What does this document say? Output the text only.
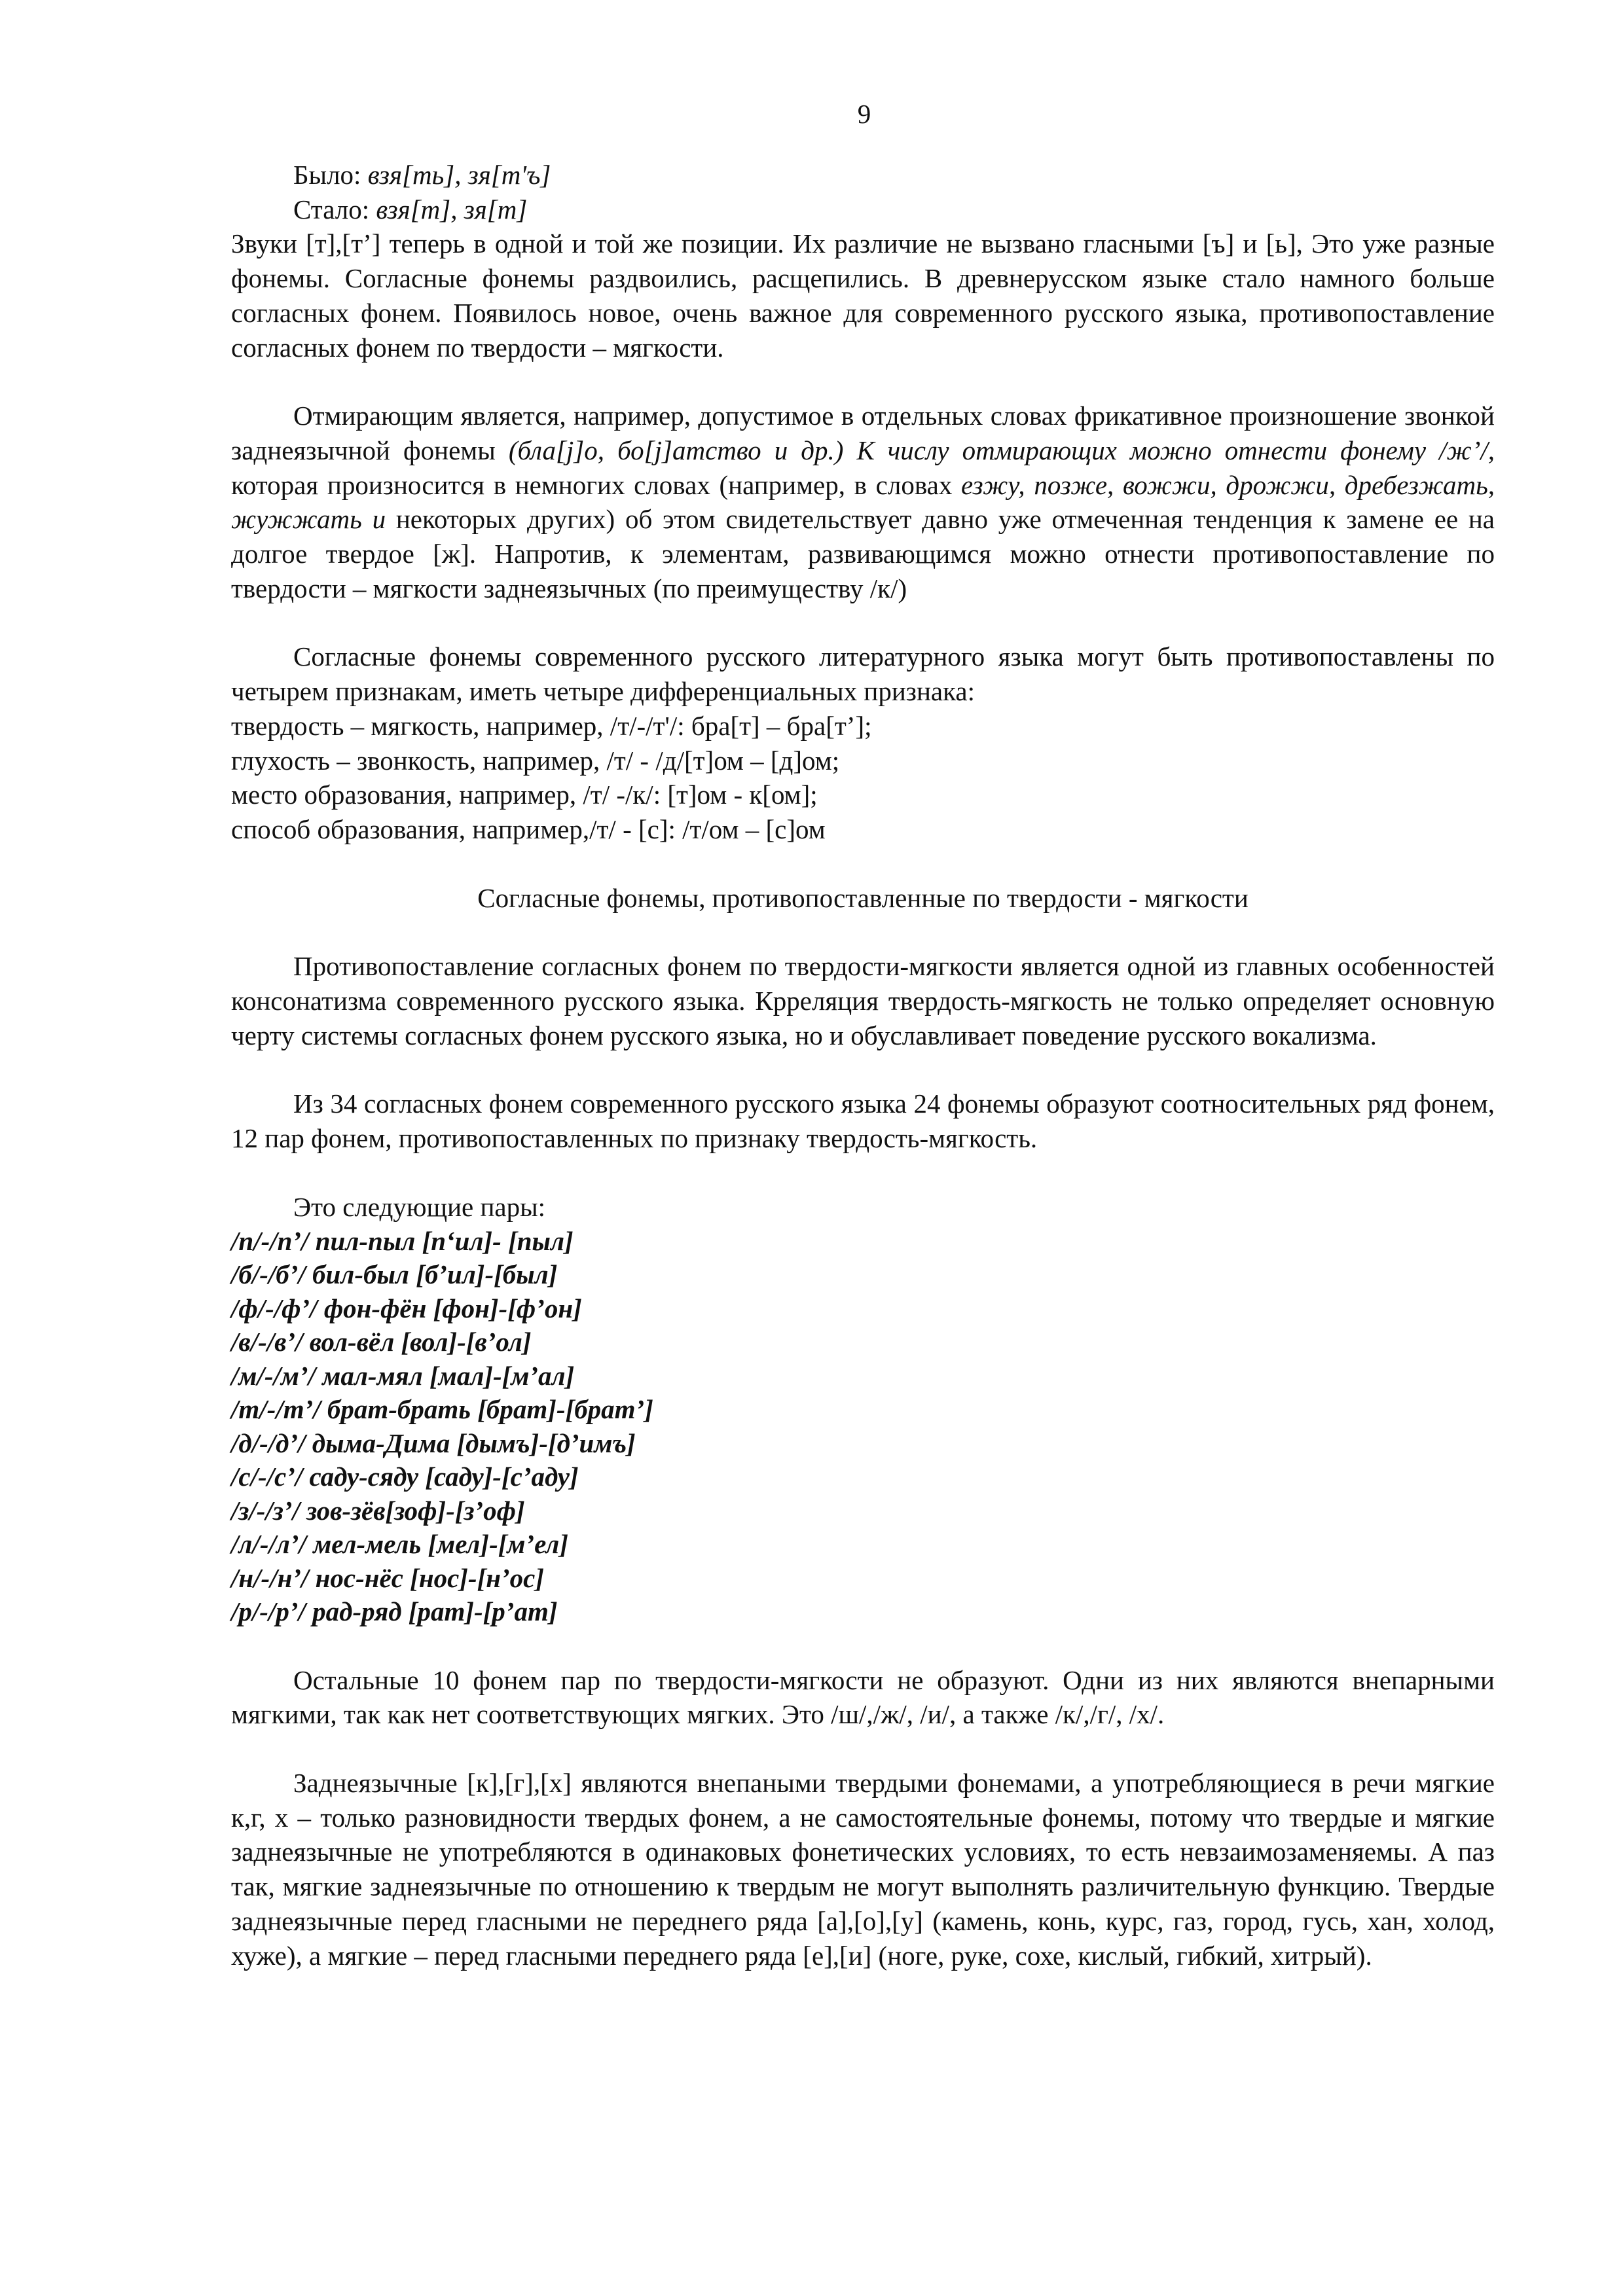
9

Было: взя[ть], зя[т'ъ]

Стало: взя[т], зя[т]

Звуки [т],[т’] теперь в одной и той же позиции. Их различие не вызвано гласными [ъ] и [ь], Это уже разные фонемы. Согласные фонемы раздвоились, расщепились. В древнерусском языке стало намного больше согласных фонем. Появилось новое, очень важное для современного русского языка, противопоставление согласных фонем по твердости – мягкости.

Отмирающим является, например, допустимое в отдельных словах фрикативное произношение звонкой заднеязычной фонемы (бла[j]о, бо[j]атство и др.) К числу отмирающих можно отнести фонему /ж’/, которая произносится в немногих словах (например, в словах езжу, позже, вожжи, дрожжи, дребезжать, жужжать и некоторых других) об этом свидетельствует давно уже отмеченная тенденция к замене ее на долгое твердое [ж]. Напротив, к элементам, развивающимся можно отнести противопоставление по твердости – мягкости заднеязычных (по преимуществу /к/)

Согласные фонемы современного русского литературного языка могут быть противопоставлены по четырем признакам, иметь четыре дифференциальных признака:

твердость – мягкость, например, /т/-/т'/: бра[т] – бра[т’];
глухость – звонкость, например, /т/ - /д/[т]ом – [д]ом;
место образования, например, /т/ -/к/: [т]ом - к[ом];
способ образования, например,/т/ - [с]: /т/ом – [с]ом

Согласные фонемы, противопоставленные по твердости - мягкости

Противопоставление согласных фонем по твердости-мягкости является одной из главных особенностей консонатизма современного русского языка. Крреляция твердость-мягкость не только определяет основную черту системы согласных фонем русского языка, но и обуславливает поведение русского вокализма.

Из 34 согласных фонем современного русского языка 24 фонемы образуют соотносительных ряд фонем, 12 пар фонем, противопоставленных по признаку твердость-мягкость.

Это следующие пары:

/п/-/п’/ пил-пыл [п‘ил]- [пыл]
/б/-/б’/ бил-был [б’ил]-[был]
/ф/-/ф’/ фон-фён [фон]-[ф’он]
/в/-/в’/ вол-вёл [вол]-[в’ол]
/м/-/м’/ мал-мял [мал]-[м’ал]
/т/-/т’/ брат-брать [брат]-[брат’]
/д/-/д’/ дыма-Дима [дымъ]-[д’имъ]
/с/-/с’/ саду-сяду [саду]-[с’аду]
/з/-/з’/ зов-зёв[зоф]-[з’оф]
/л/-/л’/ мел-мель [мел]-[м’ел]
/н/-/н’/ нос-нёс [нос]-[н’ос]
/р/-/р’/ рад-ряд [рат]-[р’ат]

Остальные 10 фонем пар по твердости-мягкости не образуют. Одни из них являются внепарными мягкими, так как нет соответствующих мягких. Это /ш/,/ж/, /и/, а также /к/,/г/, /х/.

Заднеязычные [к],[г],[х] являются внепаными твердыми фонемами, а употребляющиеся в речи мягкие к,г, х – только разновидности твердых фонем, а не самостоятельные фонемы, потому что твердые и мягкие заднеязычные не употребляются в одинаковых фонетических условиях, то есть невзаимозаменяемы. А паз так, мягкие заднеязычные по отношению к твердым не могут выполнять различительную функцию. Твердые заднеязычные перед гласными не переднего ряда [а],[о],[у] (камень, конь, курс, газ, город, гусь, хан, холод, хуже), а мягкие – перед гласными переднего ряда [е],[и] (ноге, руке, сохе, кислый, гибкий, хитрый).
